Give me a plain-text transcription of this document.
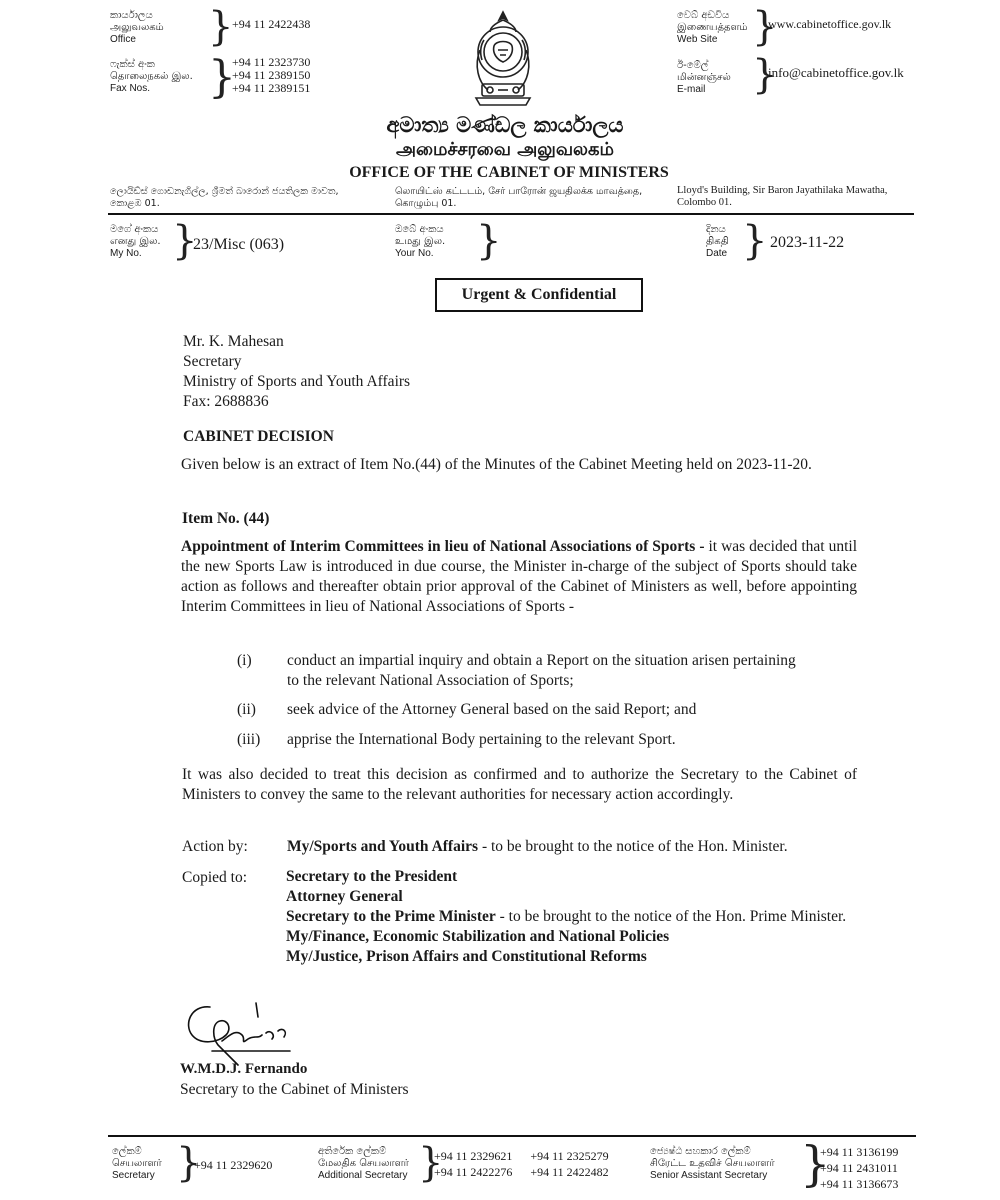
කාර්යාලය
அலுவலகம்
Office	}
+94 11 2422438
ෆැක්ස් අංක
தொலைநகல் இல.
Fax Nos.	}
+94 11 2323730
+94 11 2389150
+94 11 2389151
වෙබ් අඩවිය
இணையத்தளம்
Web Site }
www.cabinetoffice.gov.lk
ඊ-මේල්
மின்னஞ்சல்
E-mail	}
info@cabinetoffice.gov.lk
අමාත්‍ය මණ්ඩල කාර්යාලය
அமைச்சரவை அலுவலகம்
OFFICE OF THE CABINET OF MINISTERS
ලොයිඩ්ස් ගොඩනැගිල්ල, ශ්‍රීමත් බාරොන් ජයතිලක මාවත,
කොළඹ 01.
லொயிட்ஸ் கட்டடம், சேர் பாரோன் ஜயதிலக்க மாவத்தை,
கொழும்பு 01.
Lloyd's Building, Sir Baron Jayathilaka Mawatha,
Colombo 01.
මගේ අංකය
எனது இல.
My No. }
23/Misc (063)
ඔබේ අංකය
உமது இல.
Your No. }	දිනය
திகதி
Date } 2023-11-22
Urgent & Confidential
Mr. K. Mahesan
Secretary
Ministry of Sports and Youth Affairs
Fax: 2688836
CABINET DECISION
Given below is an extract of Item No.(44) of the Minutes of the Cabinet Meeting held on 2023-11-20.
Item No. (44)
Appointment of Interim Committees in lieu of National Associations of Sports - it was decided that until the new Sports Law is introduced in due course, the Minister in-charge of the subject of Sports should take action as follows and thereafter obtain prior approval of the Cabinet of Ministers as well, before appointing Interim Committees in lieu of National Associations of Sports -
(i)	conduct an impartial inquiry and obtain a Report on the situation arisen pertaining to the relevant National Association of Sports;
(ii)	seek advice of the Attorney General based on the said Report; and
(iii)	apprise the International Body pertaining to the relevant Sport.
It was also decided to treat this decision as confirmed and to authorize the Secretary to the Cabinet of Ministers to convey the same to the relevant authorities for necessary action accordingly.
Action by:	My/Sports and Youth Affairs - to be brought to the notice of the Hon. Minister.
Copied to:	Secretary to the President
Attorney General
Secretary to the Prime Minister - to be brought to the notice of the Hon. Prime Minister.
My/Finance, Economic Stabilization and National Policies
My/Justice, Prison Affairs and Constitutional Reforms
W.M.D.J. Fernando
Secretary to the Cabinet of Ministers
ලේකම්
செயலாளர்
Secretary }
+94 11 2329620
අතිරේක ලේකම්
மேலதிக செயலாளர்
Additional Secretary }
+94 11 2329621 +94 11 2325279
+94 11 2422276 +94 11 2422482
ජ්‍යෙෂ්ඨ සහකාර ලේකම්
சிரேட்ட உதவிச் செயலாளர்
Senior Assistant Secretary }
+94 11 3136199
+94 11 2431011
+94 11 3136673
